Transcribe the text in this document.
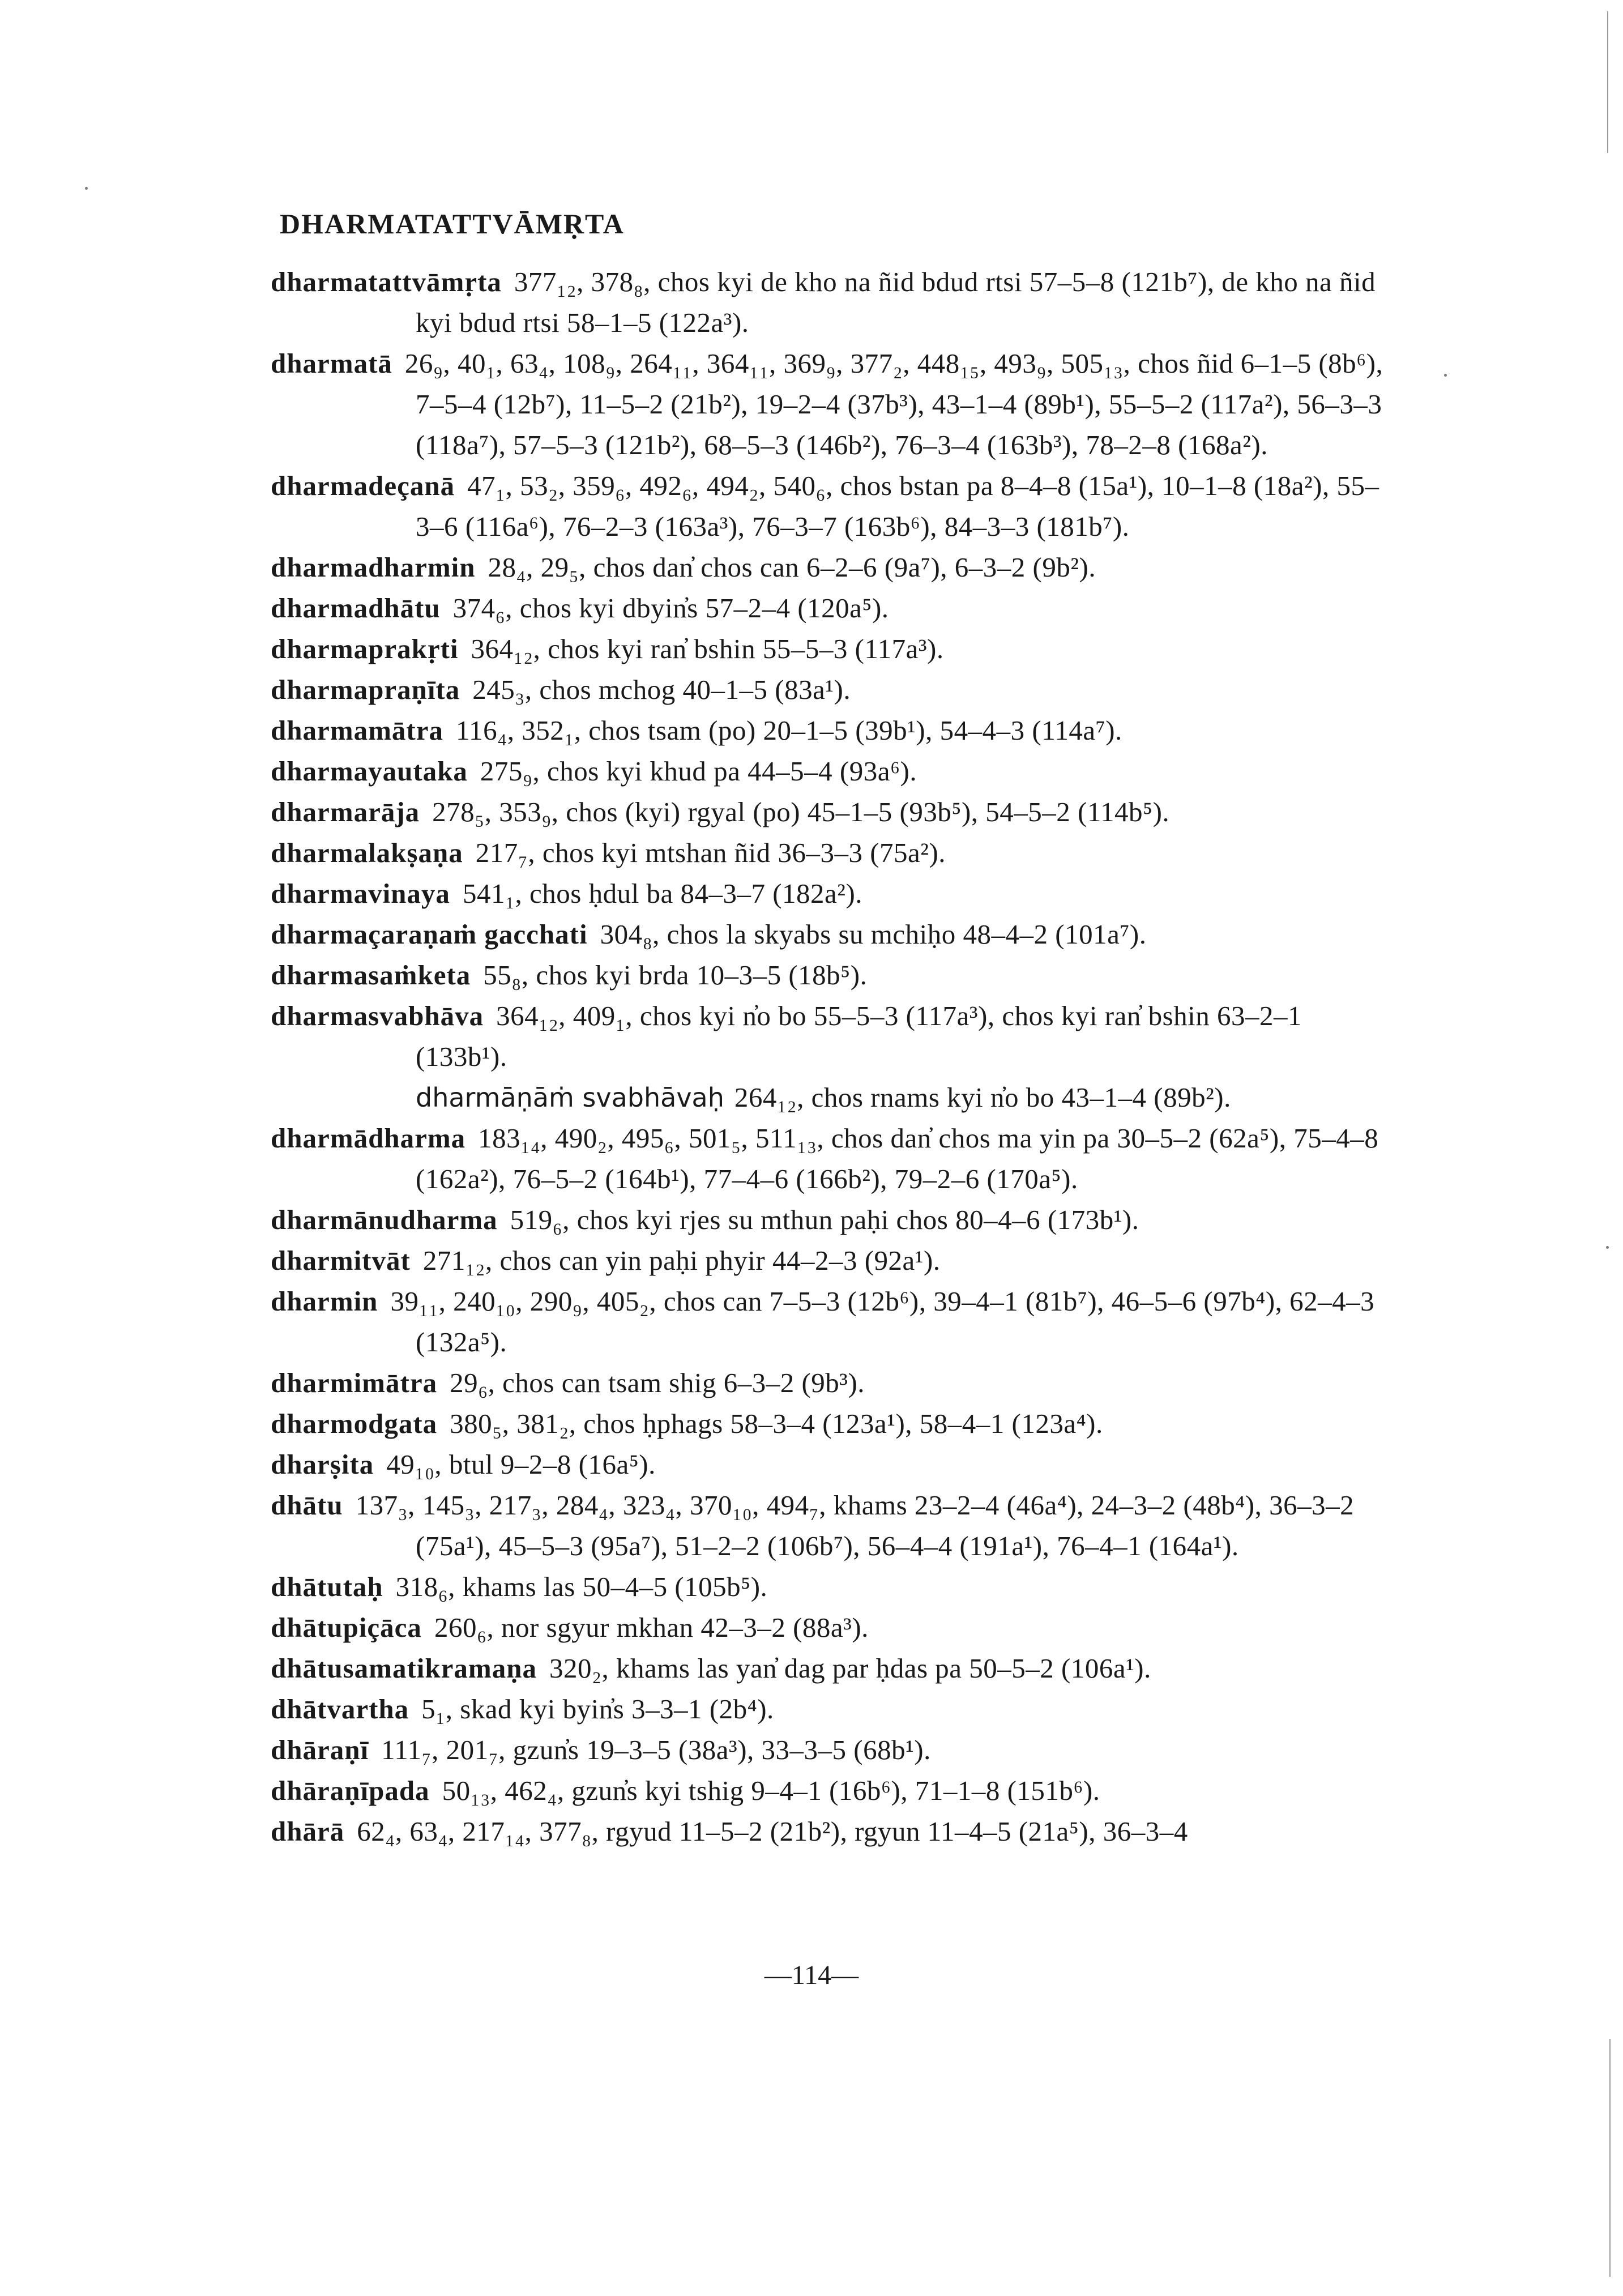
DHARMATATTVĀMṚTA

dharmatattvāmṛta 377₁₂, 378₈, chos kyi de kho na ñid bdud rtsi 57–5–8 (121b⁷), de kho na ñid kyi bdud rtsi 58–1–5 (122a³).

dharmatā 26₉, 40₁, 63₄, 108₉, 264₁₁, 364₁₁, 369₉, 377₂, 448₁₅, 493₉, 505₁₃, chos ñid 6–1–5 (8b⁶), 7–5–4 (12b⁷), 11–5–2 (21b²), 19–2–4 (37b³), 43–1–4 (89b¹), 55–5–2 (117a²), 56–3–3 (118a⁷), 57–5–3 (121b²), 68–5–3 (146b²), 76–3–4 (163b³), 78–2–8 (168a²).

dharmadeçanā 47₁, 53₂, 359₆, 492₆, 494₂, 540₆, chos bstan pa 8–4–8 (15a¹), 10–1–8 (18a²), 55–3–6 (116a⁶), 76–2–3 (163a³), 76–3–7 (163b⁶), 84–3–3 (181b⁷).

dharmadharmin 28₄, 29₅, chos dan̓ chos can 6–2–6 (9a⁷), 6–3–2 (9b²).

dharmadhātu 374₆, chos kyi dbyin̓s 57–2–4 (120a⁵).

dharmaprakṛti 364₁₂, chos kyi ran̓ bshin 55–5–3 (117a³).

dharmapraṇīta 245₃, chos mchog 40–1–5 (83a¹).

dharmamātra 116₄, 352₁, chos tsam (po) 20–1–5 (39b¹), 54–4–3 (114a⁷).

dharmayautaka 275₉, chos kyi khud pa 44–5–4 (93a⁶).

dharmarāja 278₅, 353₉, chos (kyi) rgyal (po) 45–1–5 (93b⁵), 54–5–2 (114b⁵).

dharmalakṣaṇa 217₇, chos kyi mtshan ñid 36–3–3 (75a²).

dharmavinaya 541₁, chos ḥdul ba 84–3–7 (182a²).

dharmaçaraṇaṁ gacchati 304₈, chos la skyabs su mchiḥo 48–4–2 (101a⁷).

dharmasaṁketa 55₈, chos kyi brda 10–3–5 (18b⁵).

dharmasvabhāva 364₁₂, 409₁, chos kyi n̓o bo 55–5–3 (117a³), chos kyi ran̓ bshin 63–2–1 (133b¹).

dharmāṇāṁ svabhāvaḥ 264₁₂, chos rnams kyi n̓o bo 43–1–4 (89b²).

dharmādharma 183₁₄, 490₂, 495₆, 501₅, 511₁₃, chos dan̓ chos ma yin pa 30–5–2 (62a⁵), 75–4–8 (162a²), 76–5–2 (164b¹), 77–4–6 (166b²), 79–2–6 (170a⁵).

dharmānudharma 519₆, chos kyi rjes su mthun paḥi chos 80–4–6 (173b¹).

dharmitvāt 271₁₂, chos can yin paḥi phyir 44–2–3 (92a¹).

dharmin 39₁₁, 240₁₀, 290₉, 405₂, chos can 7–5–3 (12b⁶), 39–4–1 (81b⁷), 46–5–6 (97b⁴), 62–4–3 (132a⁵).

dharmimātra 29₆, chos can tsam shig 6–3–2 (9b³).

dharmodgata 380₅, 381₂, chos ḥphags 58–3–4 (123a¹), 58–4–1 (123a⁴).

dharṣita 49₁₀, btul 9–2–8 (16a⁵).

dhātu 137₃, 145₃, 217₃, 284₄, 323₄, 370₁₀, 494₇, khams 23–2–4 (46a⁴), 24–3–2 (48b⁴), 36–3–2 (75a¹), 45–5–3 (95a⁷), 51–2–2 (106b⁷), 56–4–4 (191a¹), 76–4–1 (164a¹).

dhātutaḥ 318₆, khams las 50–4–5 (105b⁵).

dhātupiçāca 260₆, nor sgyur mkhan 42–3–2 (88a³).

dhātusamatikramaṇa 320₂, khams las yan̓ dag par ḥdas pa 50–5–2 (106a¹).

dhātvartha 5₁, skad kyi byin̓s 3–3–1 (2b⁴).

dhāraṇī 111₇, 201₇, gzun̓s 19–3–5 (38a³), 33–3–5 (68b¹).

dhāraṇīpada 50₁₃, 462₄, gzun̓s kyi tshig 9–4–1 (16b⁶), 71–1–8 (151b⁶).

dhārā 62₄, 63₄, 217₁₄, 377₈, rgyud 11–5–2 (21b²), rgyun 11–4–5 (21a⁵), 36–3–4

—114—
